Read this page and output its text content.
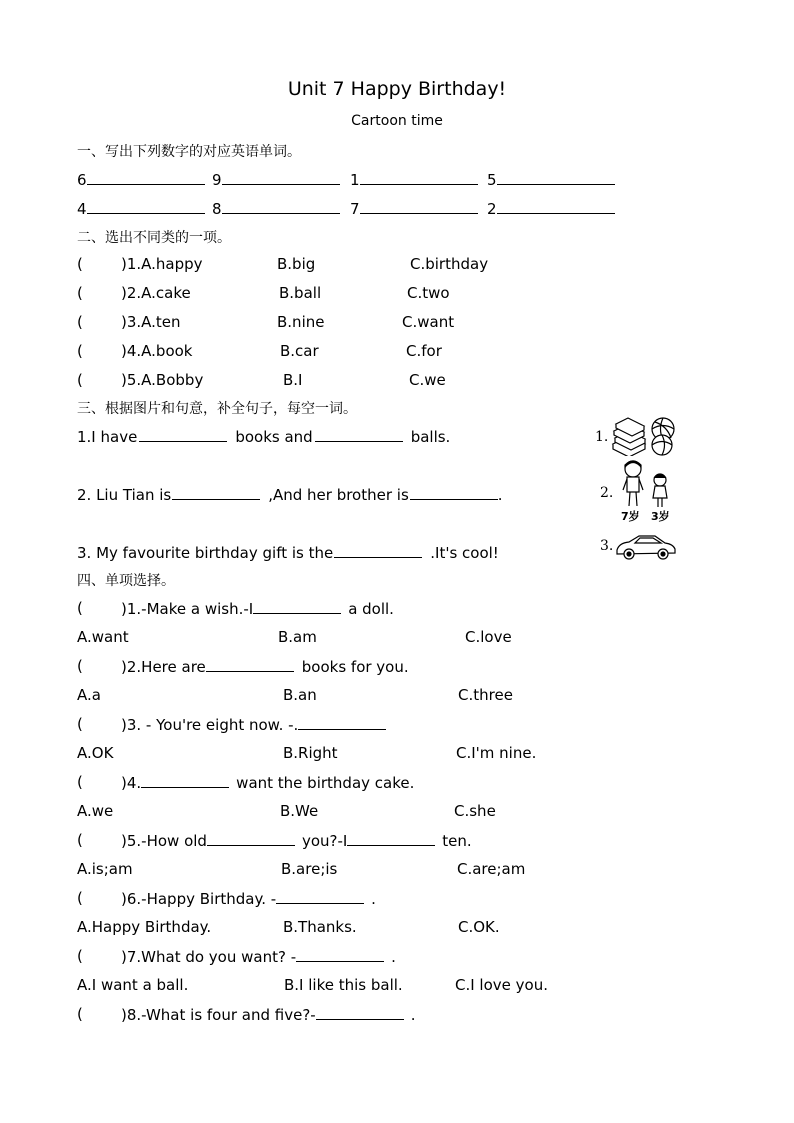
Unit 7 Happy Birthday!
Cartoon time
一、写出下列数字的对应英语单词。
6	9	1	5
4	8	7	2
二、选出不同类的一项。
(	)1.A.happy	B.big	C.birthday
(	)2.A.cake	B.ball	C.two
(	)3.A.ten	B.nine	C.want
(	)4.A.book	B.car	C.for
(	)5.A.Bobby	B.I	C.we
三、根据图片和句意，补全句子，每空一词。
1.I have	books and	balls.
2. Liu Tian is	,And her brother is	.
3. My favourite birthday gift is the	.It's cool!
1.
2.
7岁 3岁
3.
四、单项选择。
(	)1.-Make a wish.-I	a doll.
A.want	B.am	C.love
(	)2.Here are	books for you.
A.a	B.an	C.three
(	)3. - You're eight now. -.
A.OK	B.Right	C.I'm nine.
(	)4.	want the birthday cake.
A.we	B.We	C.she
(	)5.-How old	you?-I	ten.
A.is;am	B.are;is	C.are;am
(	)6.-Happy Birthday. -	.
A.Happy Birthday.	B.Thanks.	C.OK.
(	)7.What do you want? -	.
A.I want a ball.	B.I like this ball.	C.I love you.
(	)8.-What is four and five?-	.
